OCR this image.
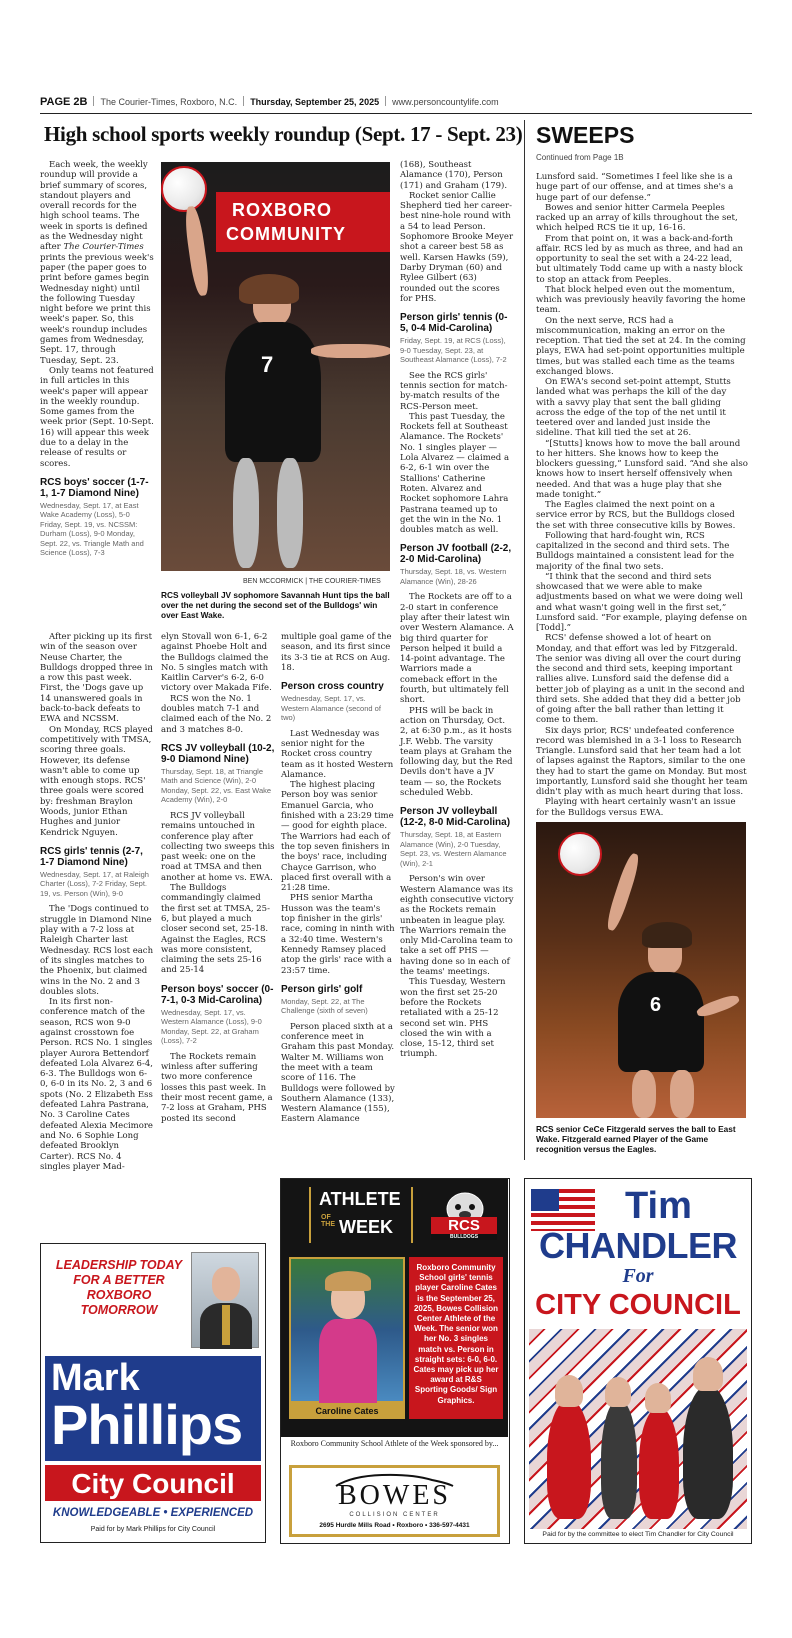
PAGE 2B The Courier-Times, Roxboro, N.C. Thursday, September 25, 2025 www.personcountylife.com
High school sports weekly roundup (Sept. 17 - Sept. 23)

Each week, the weekly roundup will provide a brief summary of scores, standout players and overall records for the high school teams. The week in sports is defined as the Wednesday night after The Courier-Times prints the previous week's paper (the paper goes to print before games begin Wednesday night) until the following Tuesday night before we print this week's paper. So, this week's roundup includes games from Wednesday, Sept. 17, through Tuesday, Sept. 23.

Only teams not featured in full articles in this week's paper will appear in the weekly roundup. Some games from the week prior (Sept. 10-Sept. 16) will appear this week due to a delay in the release of results or scores.

RCS boys' soccer (1-7-1, 1-7 Diamond Nine)
Wednesday, Sept. 17, at East Wake Academy (Loss), 5-0 Friday, Sept. 19, vs. NCSSM: Durham (Loss), 9-0 Monday, Sept. 22, vs. Triangle Math and Science (Loss), 7-3
ROXBORO
COMMUNITY
7
BEN MCCORMICK | THE COURIER-TIMES
RCS volleyball JV sophomore Savannah Hunt tips the ball over the net during the second set of the Bulldogs' win over East Wake.

After picking up its first win of the season over Neuse Charter, the Bulldogs dropped three in a row this past week. First, the 'Dogs gave up 14 unanswered goals in back-to-back defeats to EWA and NCSSM.

On Monday, RCS played competitively with TMSA, scoring three goals. However, its defense wasn't able to come up with enough stops. RCS' three goals were scored by: freshman Braylon Woods, junior Ethan Hughes and junior Kendrick Nguyen.

RCS girls' tennis (2-7, 1-7 Diamond Nine)
Wednesday, Sept. 17, at Raleigh Charter (Loss), 7-2 Friday, Sept. 19, vs. Person (Win), 9-0

The 'Dogs continued to struggle in Diamond Nine play with a 7-2 loss at Raleigh Charter last Wednesday. RCS lost each of its singles matches to the Phoenix, but claimed wins in the No. 2 and 3 doubles slots.

In its first non-conference match of the season, RCS won 9-0 against crosstown foe Person. RCS No. 1 singles player Aurora Bettendorf defeated Lola Alvarez 6-4, 6-3. The Bulldogs won 6-0, 6-0 in its No. 2, 3 and 6 spots (No. 2 Elizabeth Ess defeated Lahra Pastrana, No. 3 Caroline Cates defeated Alexia Mecimore and No. 6 Sophie Long defeated Brooklyn Carter). RCS No. 4 singles player Mad-

elyn Stovall won 6-1, 6-2 against Phoebe Holt and the Bulldogs claimed the No. 5 singles match with Kaitlin Carver's 6-2, 6-0 victory over Makada Fife.

RCS won the No. 1 doubles match 7-1 and claimed each of the No. 2 and 3 matches 8-0.

RCS JV volleyball (10-2, 9-0 Diamond Nine)
Thursday, Sept. 18, at Triangle Math and Science (Win), 2-0 Monday, Sept. 22, vs. East Wake Academy (Win), 2-0

RCS JV volleyball remains untouched in conference play after collecting two sweeps this past week: one on the road at TMSA and then another at home vs. EWA.

The Bulldogs commandingly claimed the first set at TMSA, 25-6, but played a much closer second set, 25-18. Against the Eagles, RCS was more consistent, claiming the sets 25-16 and 25-14

Person boys' soccer (0-7-1, 0-3 Mid-Carolina)
Wednesday, Sept. 17, vs. Western Alamance (Loss), 9-0 Monday, Sept. 22, at Graham (Loss), 7-2

The Rockets remain winless after suffering two more conference losses this past week. In their most recent game, a 7-2 loss at Graham, PHS posted its second

multiple goal game of the season, and its first since its 3-3 tie at RCS on Aug. 18.

Person cross country
Wednesday, Sept. 17, vs. Western Alamance (second of two)

Last Wednesday was senior night for the Rocket cross country team as it hosted Western Alamance.

The highest placing Person boy was senior Emanuel Garcia, who finished with a 23:29 time — good for eighth place. The Warriors had each of the top seven finishers in the boys' race, including Chayce Garrison, who placed first overall with a 21:28 time.

PHS senior Martha Husson was the team's top finisher in the girls' race, coming in ninth with a 32:40 time. Western's Kennedy Ramsey placed atop the girls' race with a 23:57 time.

Person girls' golf
Monday, Sept. 22, at The Challenge (sixth of seven)

Person placed sixth at a conference meet in Graham this past Monday. Walter M. Williams won the meet with a team score of 116. The Bulldogs were followed by Southern Alamance (133), Western Alamance (155), Eastern Alamance

(168), Southeast Alamance (170), Person (171) and Graham (179).

Rocket senior Callie Shepherd tied her career-best nine-hole round with a 54 to lead Person. Sophomore Brooke Meyer shot a career best 58 as well. Karsen Hawks (59), Darby Dryman (60) and Rylee Gilbert (63) rounded out the scores for PHS.

Person girls' tennis (0-5, 0-4 Mid-Carolina)
Friday, Sept. 19, at RCS (Loss), 9-0 Tuesday, Sept. 23, at Southeast Alamance (Loss), 7-2

See the RCS girls' tennis section for match-by-match results of the RCS-Person meet.

This past Tuesday, the Rockets fell at Southeast Alamance. The Rockets' No. 1 singles player — Lola Alvarez — claimed a 6-2, 6-1 win over the Stallions' Catherine Roten. Alvarez and Rocket sophomore Lahra Pastrana teamed up to get the win in the No. 1 doubles match as well.

Person JV football (2-2, 2-0 Mid-Carolina)
Thursday, Sept. 18, vs. Western Alamance (Win), 28-26

The Rockets are off to a 2-0 start in conference play after their latest win over Western Alamance. A big third quarter for Person helped it build a 14-point advantage. The Warriors made a comeback effort in the fourth, but ultimately fell short.

PHS will be back in action on Thursday, Oct. 2, at 6:30 p.m., as it hosts J.F. Webb. The varsity team plays at Graham the following day, but the Red Devils don't have a JV team — so, the Rockets scheduled Webb.

Person JV volleyball (12-2, 8-0 Mid-Carolina)
Thursday, Sept. 18, at Eastern Alamance (Win), 2-0 Tuesday, Sept. 23, vs. Western Alamance (Win), 2-1

Person's win over Western Alamance was its eighth consecutive victory as the Rockets remain unbeaten in league play. The Warriors remain the only Mid-Carolina team to take a set off PHS — having done so in each of the teams' meetings.

This Tuesday, Western won the first set 25-20 before the Rockets retaliated with a 25-12 second set win. PHS closed the win with a close, 15-12, third set triumph.

SWEEPS
Continued from Page 1B

Lunsford said. “Sometimes I feel like she is a huge part of our offense, and at times she's a huge part of our defense.”

Bowes and senior hitter Carmela Peeples racked up an array of kills throughout the set, which helped RCS tie it up, 16-16.

From that point on, it was a back-and-forth affair. RCS led by as much as three, and had an opportunity to seal the set with a 24-22 lead, but ultimately Todd came up with a nasty block to stop an attack from Peeples.

That block helped even out the momentum, which was previously heavily favoring the home team.

On the next serve, RCS had a miscommunication, making an error on the reception. That tied the set at 24. In the coming plays, EWA had set-point opportunities multiple times, but was stalled each time as the teams exchanged blows.

On EWA's second set-point attempt, Stutts landed what was perhaps the kill of the day with a savvy play that sent the ball gliding across the edge of the top of the net until it teetered over and landed just inside the sideline. That kill tied the set at 26.

“[Stutts] knows how to move the ball around to her hitters. She knows how to keep the blockers guessing,” Lunsford said. “And she also knows how to insert herself offensively when needed. And that was a huge play that she made tonight.”

The Eagles claimed the next point on a service error by RCS, but the Bulldogs closed the set with three consecutive kills by Bowes.

Following that hard-fought win, RCS capitalized in the second and third sets. The Bulldogs maintained a consistent lead for the majority of the final two sets.

“I think that the second and third sets showcased that we were able to make adjustments based on what we were doing well and what wasn't going well in the first set,” Lunsford said. “For example, playing defense on [Todd].”

RCS' defense showed a lot of heart on Monday, and that effort was led by Fitzgerald. The senior was diving all over the court during the second and third sets, keeping important rallies alive. Lunsford said the defense did a better job of playing as a unit in the second and third sets. She added that they did a better job of going after the ball rather than letting it come to them.

Six days prior, RCS' undefeated conference record was blemished in a 3-1 loss to Research Triangle. Lunsford said that her team had a lot of lapses against the Raptors, similar to the one they had to start the game on Monday. But most importantly, Lunsford said she thought her team didn't play with as much heart during that loss.

Playing with heart certainly wasn't an issue for the Bulldogs versus EWA.

6
RCS senior CeCe Fitzgerald serves the ball to East Wake. Fitzgerald earned Player of the Game recognition versus the Eagles.
LEADERSHIP TODAY FOR A BETTER ROXBORO TOMORROW
Mark
Phillips
City Council
KNOWLEDGEABLE • EXPERIENCED
Paid for by Mark Phillips for City Council
ATHLETE
OF
THE WEEK	RCS
BULLDOGS
Caroline Cates
Roxboro Community School girls' tennis player Caroline Cates is the September 25, 2025, Bowes Collision Center Athlete of the Week. The senior won her No. 3 singles match vs. Person in straight sets: 6-0, 6-0. Cates may pick up her award at R&S Sporting Goods/ Sign Graphics.
Roxboro Community School Athlete of the Week sponsored by...
BOWES
COLLISION CENTER
2695 Hurdle Mills Road • Roxboro • 336-597-4431
Tim
CHANDLER
For
CITY COUNCIL
Paid for by the committee to elect Tim Chandler for City Council
